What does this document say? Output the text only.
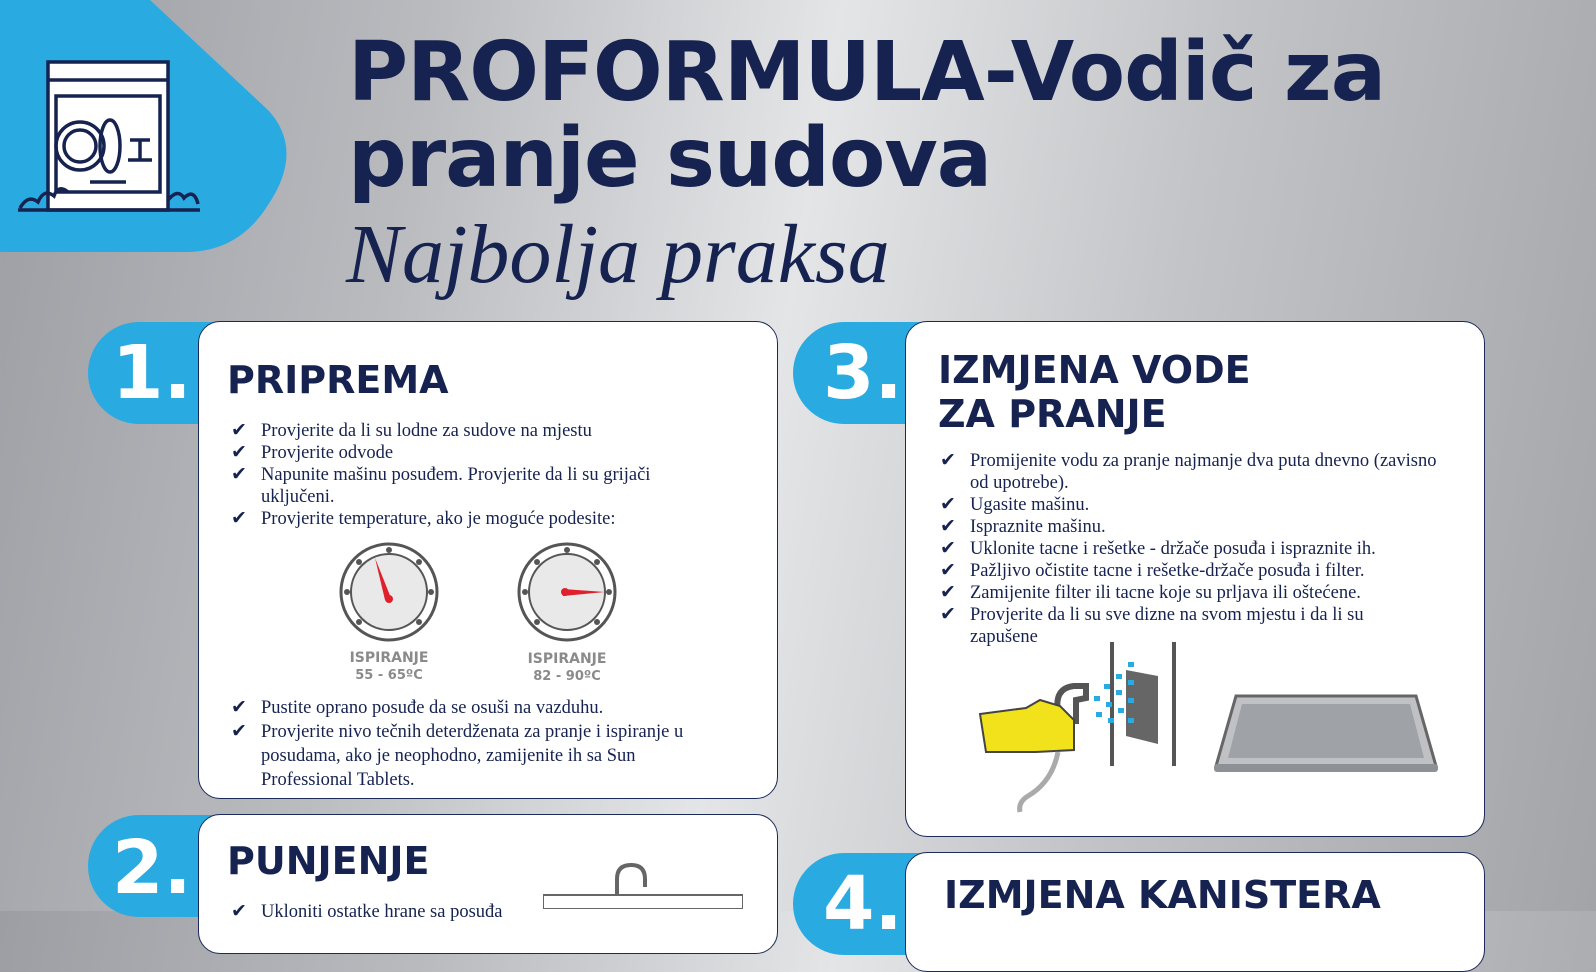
PROFORMULA-Vodič za
pranje sudova

Najbolja praksa

1. PRIPREMA
✔ Provjerite da li su lodne za sudove na mjestu
✔ Provjerite odvode
✔ Napunite mašinu posuđem. Provjerite da li su grijači uključeni.
✔ Provjerite temperature, ako je moguće podesite:
ISPIRANJE
55 - 65ºC
ISPIRANJE
82 - 90ºC
✔ Pustite oprano posuđe da se osuši na vazduhu.
✔ Provjerite nivo tečnih deterdženata za pranje i ispiranje u posudama, ako je neophodno, zamijenite ih sa Sun Professional Tablets.
2. PUNJENJE
✔ Ukloniti ostatke hrane sa posuđa
3. IZMJENA VODE
ZA PRANJE
✔ Promijenite vodu za pranje najmanje dva puta dnevno (zavisno od upotrebe).
✔ Ugasite mašinu.
✔ Ispraznite mašinu.
✔ Uklonite tacne i rešetke - držače posuđa i ispraznite ih.
✔ Pažljivo očistite tacne i rešetke-držače posuđa i filter.
✔ Zamijenite filter ili tacne koje su prljava ili oštećene.
✔ Provjerite da li su sve dizne na svom mjestu i da li su zapušene
4. IZMJENA KANISTERA
